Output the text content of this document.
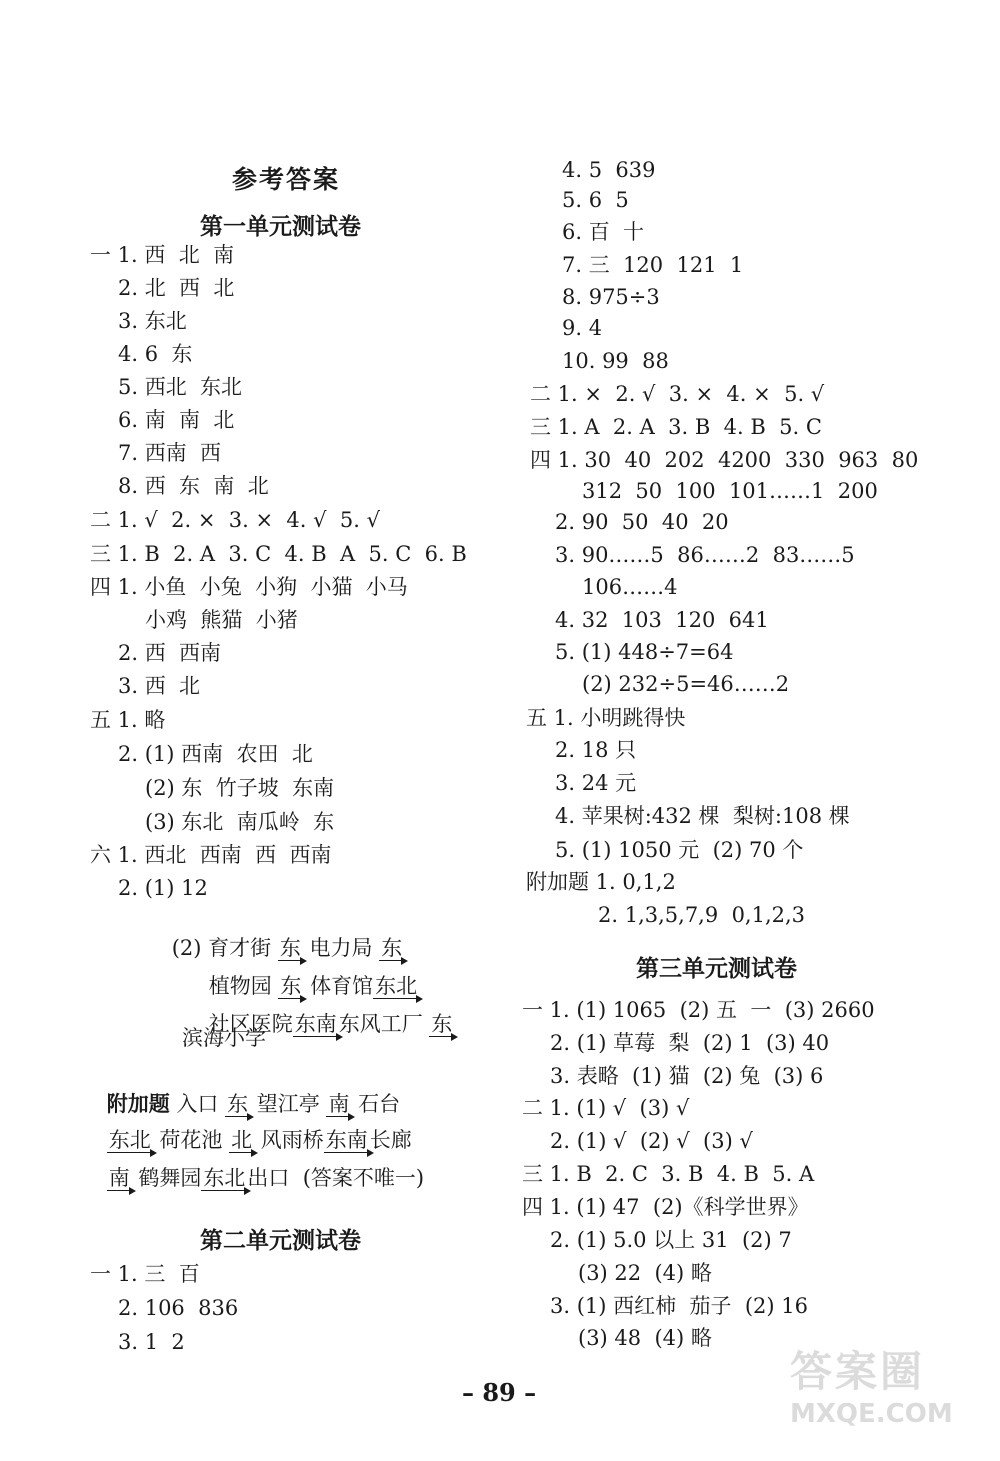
参考答案
第一单元测试卷
一 1. 西  北  南
2. 北  西  北
3. 东北
4. 6  东
5. 西北  东北
6. 南  南  北
7. 西南  西
8. 西  东  南  北
二 1. √  2. ×  3. ×  4. √  5. √
三 1. B  2. A  3. C  4. B  A  5. C  6. B
四 1. 小鱼  小兔  小狗  小猫  小马
小鸡  熊猫  小猪
2. 西  西南
3. 西  北
五 1. 略
2. (1) 西南  农田  北
(2) 东  竹子坡  东南
(3) 东北  南瓜岭  东
六 1. 西北  西南  西  西南
2. (1) 12

(2) 育才街 东 电力局 东

植物园 东 体育馆东北

社区医院东南东风工厂 东

滨海小学

附加题 入口 东 望江亭 南 石台

东北 荷花池 北 风雨桥东南长廊

南 鹤舞园东北出口  (答案不唯一)

第二单元测试卷
一 1. 三  百
2. 106  836
3. 1  2
4. 5  639
5. 6  5
6. 百  十
7. 三  120  121  1
8. 975÷3
9. 4
10. 99  88
二 1. ×  2. √  3. ×  4. ×  5. √
三 1. A  2. A  3. B  4. B  5. C
四 1. 30  40  202  4200  330  963  80
312  50  100  101……1  200
2. 90  50  40  20
3. 90……5  86……2  83……5
106……4
4. 32  103  120  641
5. (1) 448÷7=64
(2) 232÷5=46……2
五 1. 小明跳得快
2. 18 只
3. 24 元
4. 苹果树:432 棵  梨树:108 棵
5. (1) 1050 元  (2) 70 个
附加题 1. 0,1,2
2. 1,3,5,7,9  0,1,2,3
第三单元测试卷
一 1. (1) 1065  (2) 五  一  (3) 2660
2. (1) 草莓  梨  (2) 1  (3) 40
3. 表略  (1) 猫  (2) 兔  (3) 6
二 1. (1) √  (3) √
2. (1) √  (2) √  (3) √
三 1. B  2. C  3. B  4. B  5. A
四 1. (1) 47  (2)《科学世界》
2. (1) 5.0 以上 31  (2) 7
(3) 22  (4) 略
3. (1) 西红柿  茄子  (2) 16
(3) 48  (4) 略
– 89 –	答案圈
MXQE.COM
